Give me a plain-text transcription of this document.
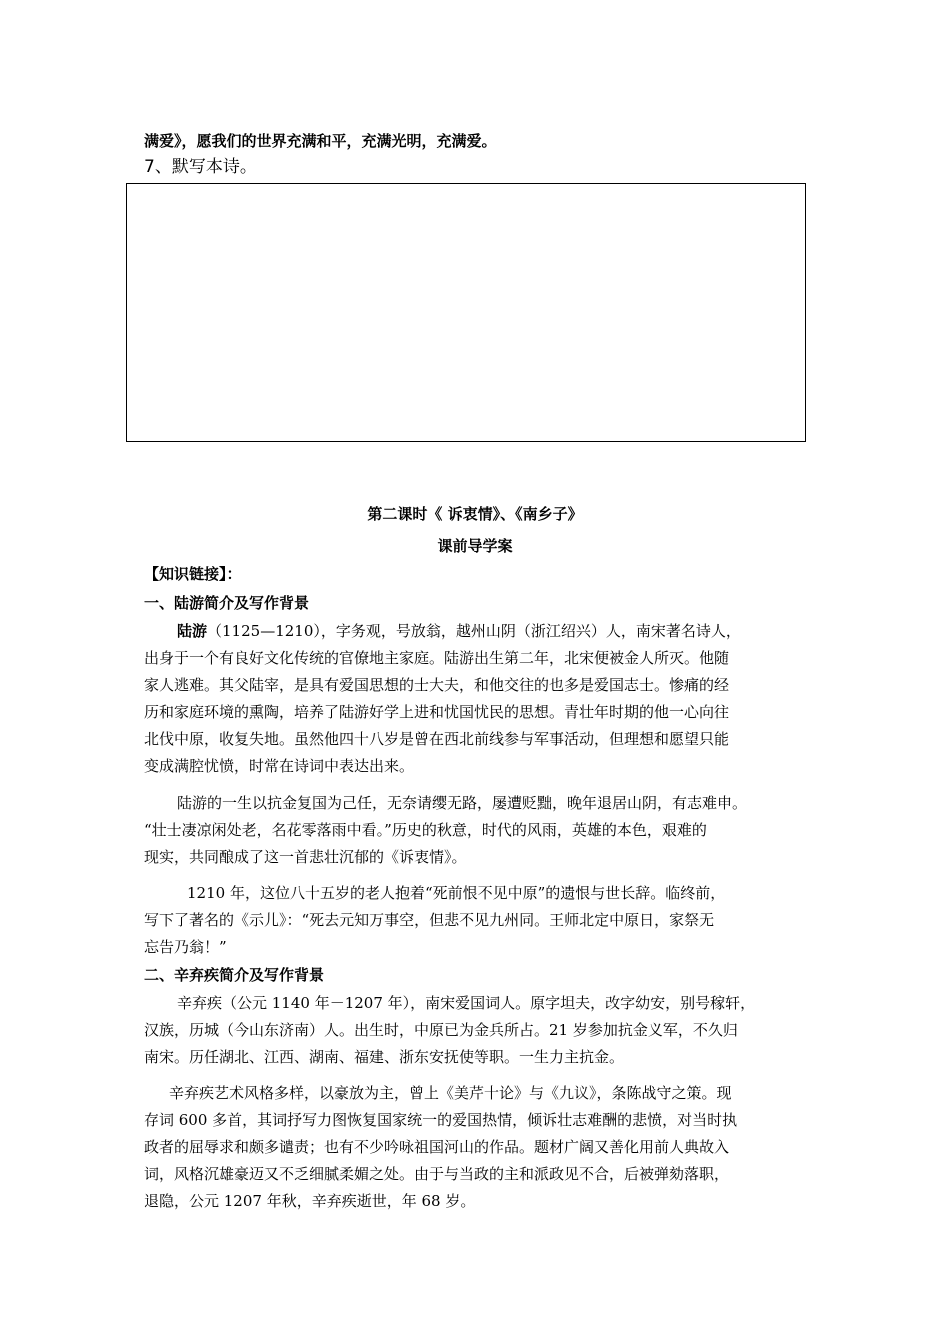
满爱》，愿我们的世界充满和平，充满光明，充满爱。
7、默写本诗。
第二课时《 诉衷情》、《南乡子》
课前导学案
【知识链接】：
一、陆游简介及写作背景
陆游（1125—1210），字务观，号放翁，越州山阴（浙江绍兴）人，南宋著名诗人，
出身于一个有良好文化传统的官僚地主家庭。陆游出生第二年，北宋便被金人所灭。他随
家人逃难。其父陆宰，是具有爱国思想的士大夫，和他交往的也多是爱国志士。惨痛的经
历和家庭环境的熏陶，培养了陆游好学上进和忧国忧民的思想。青壮年时期的他一心向往
北伐中原，收复失地。虽然他四十八岁是曾在西北前线参与军事活动，但理想和愿望只能
变成满腔忧愤，时常在诗词中表达出来。
陆游的一生以抗金复国为己任，无奈请缨无路，屡遭贬黜，晚年退居山阴，有志难申。
“壮士凄凉闲处老，名花零落雨中看。”历史的秋意，时代的风雨，英雄的本色，艰难的
现实，共同酿成了这一首悲壮沉郁的《诉衷情》。
1210 年，这位八十五岁的老人抱着“死前恨不见中原”的遗恨与世长辞。临终前，
写下了著名的《示儿》：“死去元知万事空，但悲不见九州同。王师北定中原日，家祭无
忘告乃翁！”
二、辛弃疾简介及写作背景
辛弃疾（公元 1140 年－1207 年），南宋爱国词人。原字坦夫，改字幼安，别号稼轩，
汉族，历城（今山东济南）人。出生时，中原已为金兵所占。21 岁参加抗金义军，不久归
南宋。历任湖北、江西、湖南、福建、浙东安抚使等职。一生力主抗金。
辛弃疾艺术风格多样，以豪放为主，曾上《美芹十论》与《九议》，条陈战守之策。现
存词 600 多首，其词抒写力图恢复国家统一的爱国热情，倾诉壮志难酬的悲愤，对当时执
政者的屈辱求和颇多谴责；也有不少吟咏祖国河山的作品。题材广阔又善化用前人典故入
词，风格沉雄豪迈又不乏细腻柔媚之处。由于与当政的主和派政见不合，后被弹劾落职，
退隐，公元 1207 年秋，辛弃疾逝世，年 68 岁。
